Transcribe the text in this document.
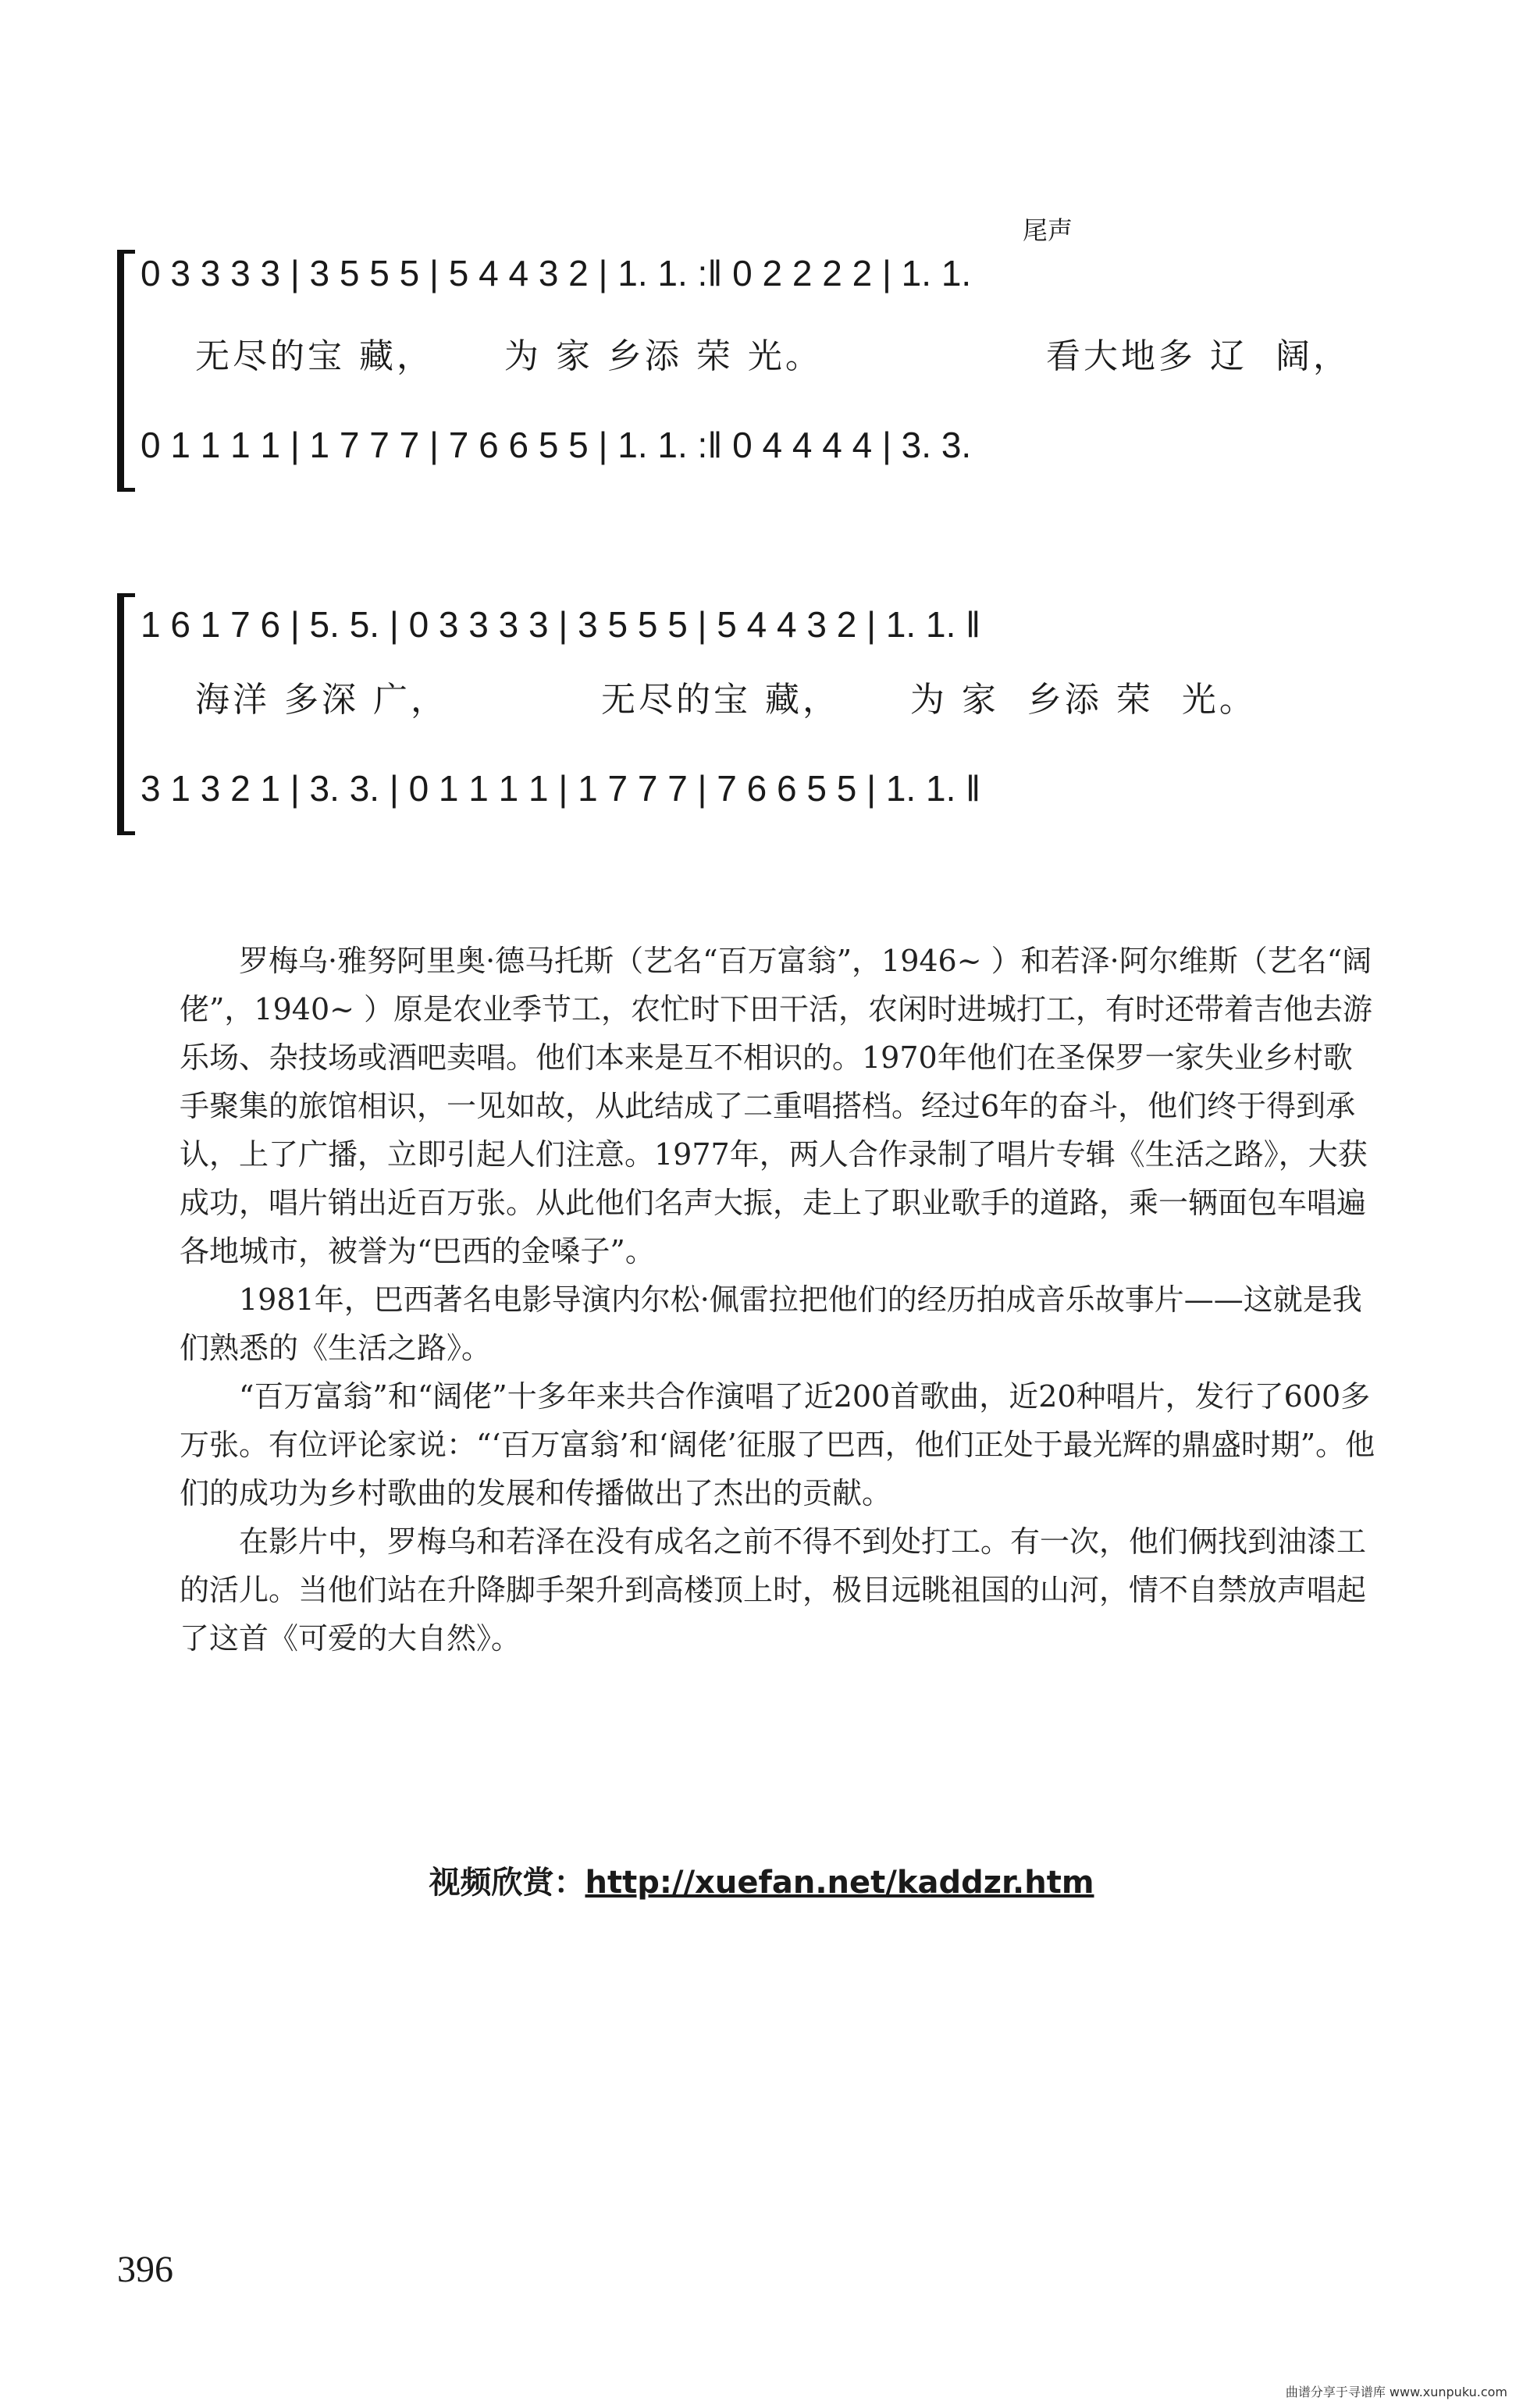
尾声
0 3 3 3 3 | 3 5 5 5 | 5 4 4 3 2 | 1. 1. :‖ 0 2 2 2 2 | 1. 1.
无尽的宝 藏，     为 家 乡添 荣 光。	看大地多 辽  阔，
0 1 1 1 1 | 1 7 7 7 | 7 6 6 5 5 | 1. 1. :‖ 0 4 4 4 4 | 3. 3.
1 6 1 7 6 | 5. 5. | 0 3 3 3 3 | 3 5 5 5 | 5 4 4 3 2 | 1. 1. ‖
海洋 多深 广，	无尽的宝 藏，     为 家  乡添 荣  光。
3 1 3 2 1 | 3. 3. | 0 1 1 1 1 | 1 7 7 7 | 7 6 6 5 5 | 1. 1. ‖

罗梅乌·雅努阿里奥·德马托斯（艺名“百万富翁”，1946~ ）和若泽·阿尔维斯（艺名“阔佬”，1940~ ）原是农业季节工，农忙时下田干活，农闲时进城打工，有时还带着吉他去游乐场、杂技场或酒吧卖唱。他们本来是互不相识的。1970年他们在圣保罗一家失业乡村歌手聚集的旅馆相识，一见如故，从此结成了二重唱搭档。经过6年的奋斗，他们终于得到承认，上了广播，立即引起人们注意。1977年，两人合作录制了唱片专辑《生活之路》，大获成功，唱片销出近百万张。从此他们名声大振，走上了职业歌手的道路，乘一辆面包车唱遍各地城市，被誉为“巴西的金嗓子”。

1981年，巴西著名电影导演内尔松·佩雷拉把他们的经历拍成音乐故事片——这就是我们熟悉的《生活之路》。

“百万富翁”和“阔佬”十多年来共合作演唱了近200首歌曲，近20种唱片，发行了600多万张。有位评论家说：“‘百万富翁’和‘阔佬’征服了巴西，他们正处于最光辉的鼎盛时期”。他们的成功为乡村歌曲的发展和传播做出了杰出的贡献。

在影片中，罗梅乌和若泽在没有成名之前不得不到处打工。有一次，他们俩找到油漆工的活儿。当他们站在升降脚手架升到高楼顶上时，极目远眺祖国的山河，情不自禁放声唱起了这首《可爱的大自然》。

视频欣赏：http://xuefan.net/kaddzr.htm
396
曲谱分享于寻谱库 www.xunpuku.com
